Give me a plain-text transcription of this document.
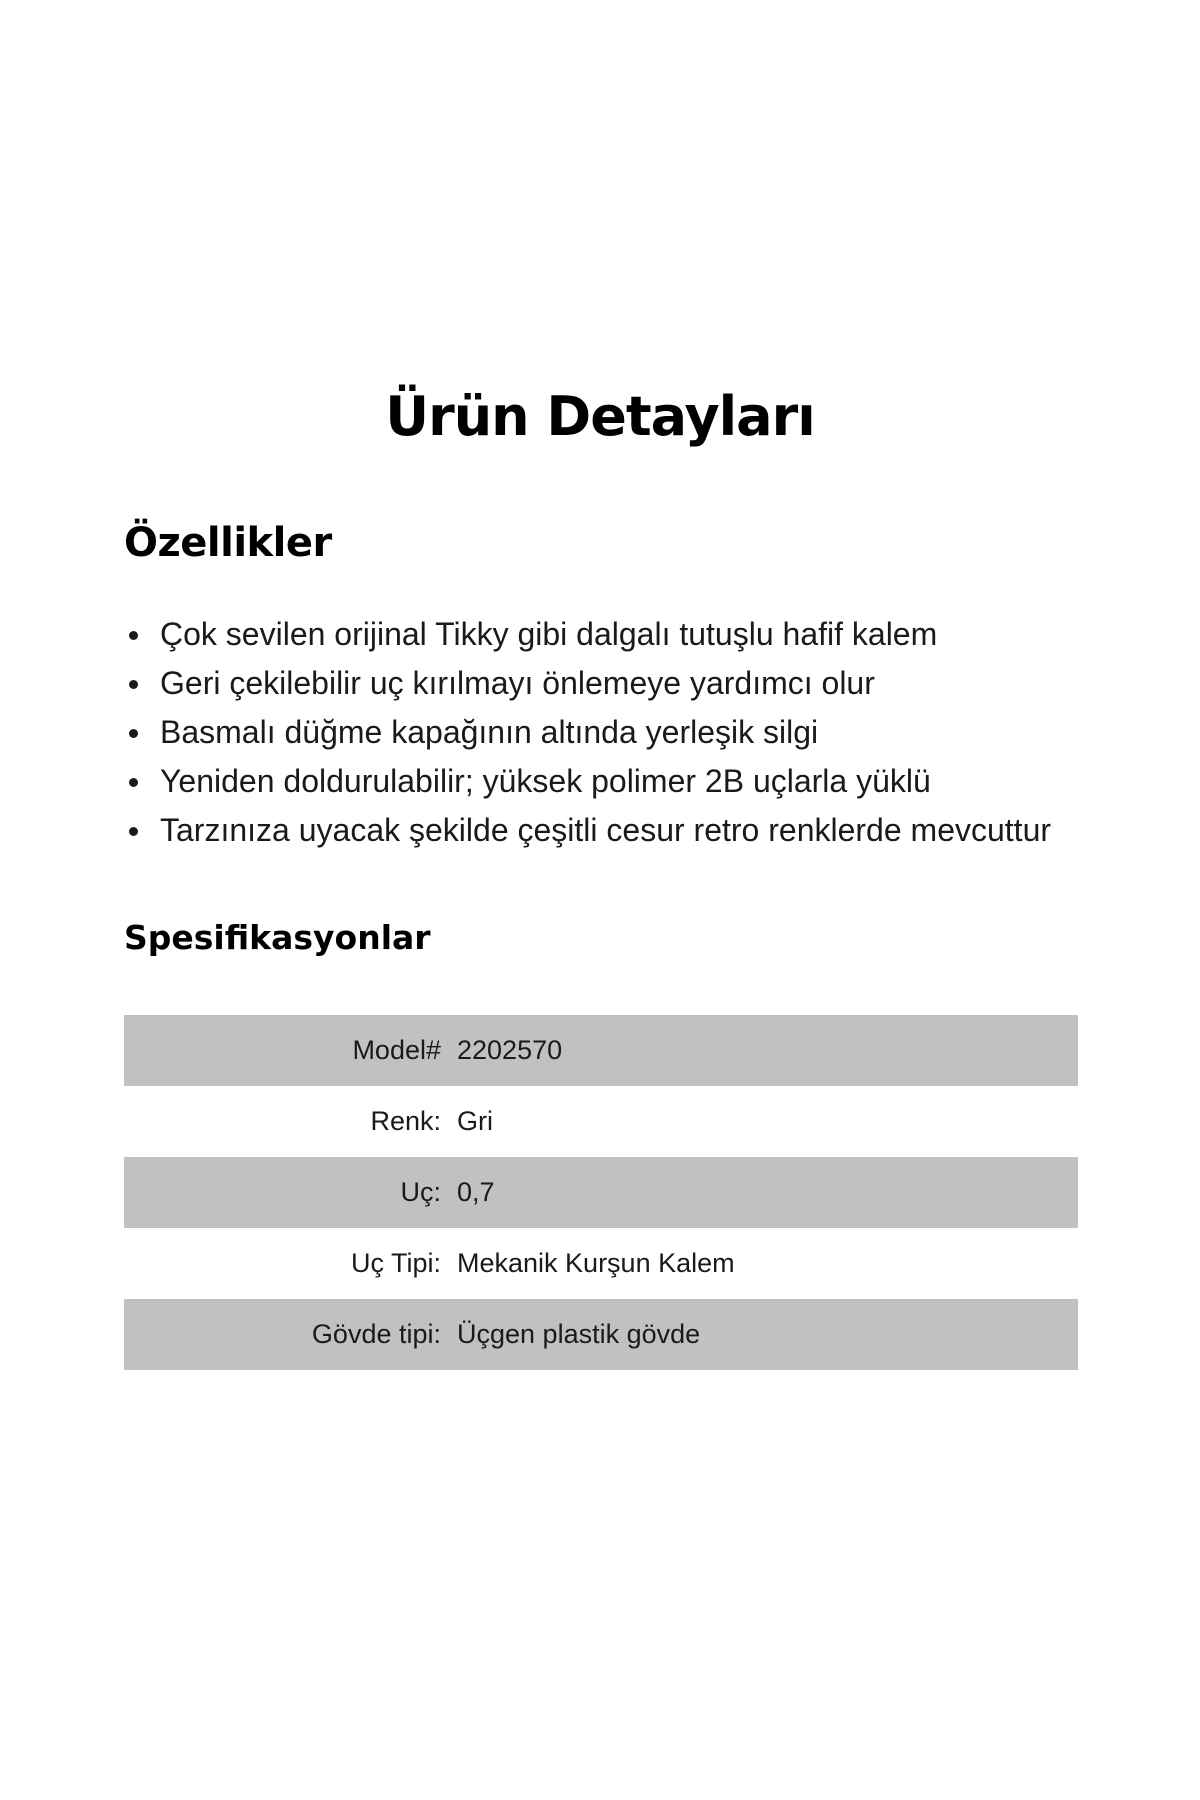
Ürün Detayları
Özellikler
Çok sevilen orijinal Tikky gibi dalgalı tutuşlu hafif kalem
Geri çekilebilir uç kırılmayı önlemeye yardımcı olur
Basmalı düğme kapağının altında yerleşik silgi
Yeniden doldurulabilir; yüksek polimer 2B uçlarla yüklü
Tarzınıza uyacak şekilde çeşitli cesur retro renklerde mevcuttur
Spesifikasyonlar
Model# 2202570
Renk: Gri
Uç: 0,7
Uç Tipi: Mekanik Kurşun Kalem
Gövde tipi: Üçgen plastik gövde
